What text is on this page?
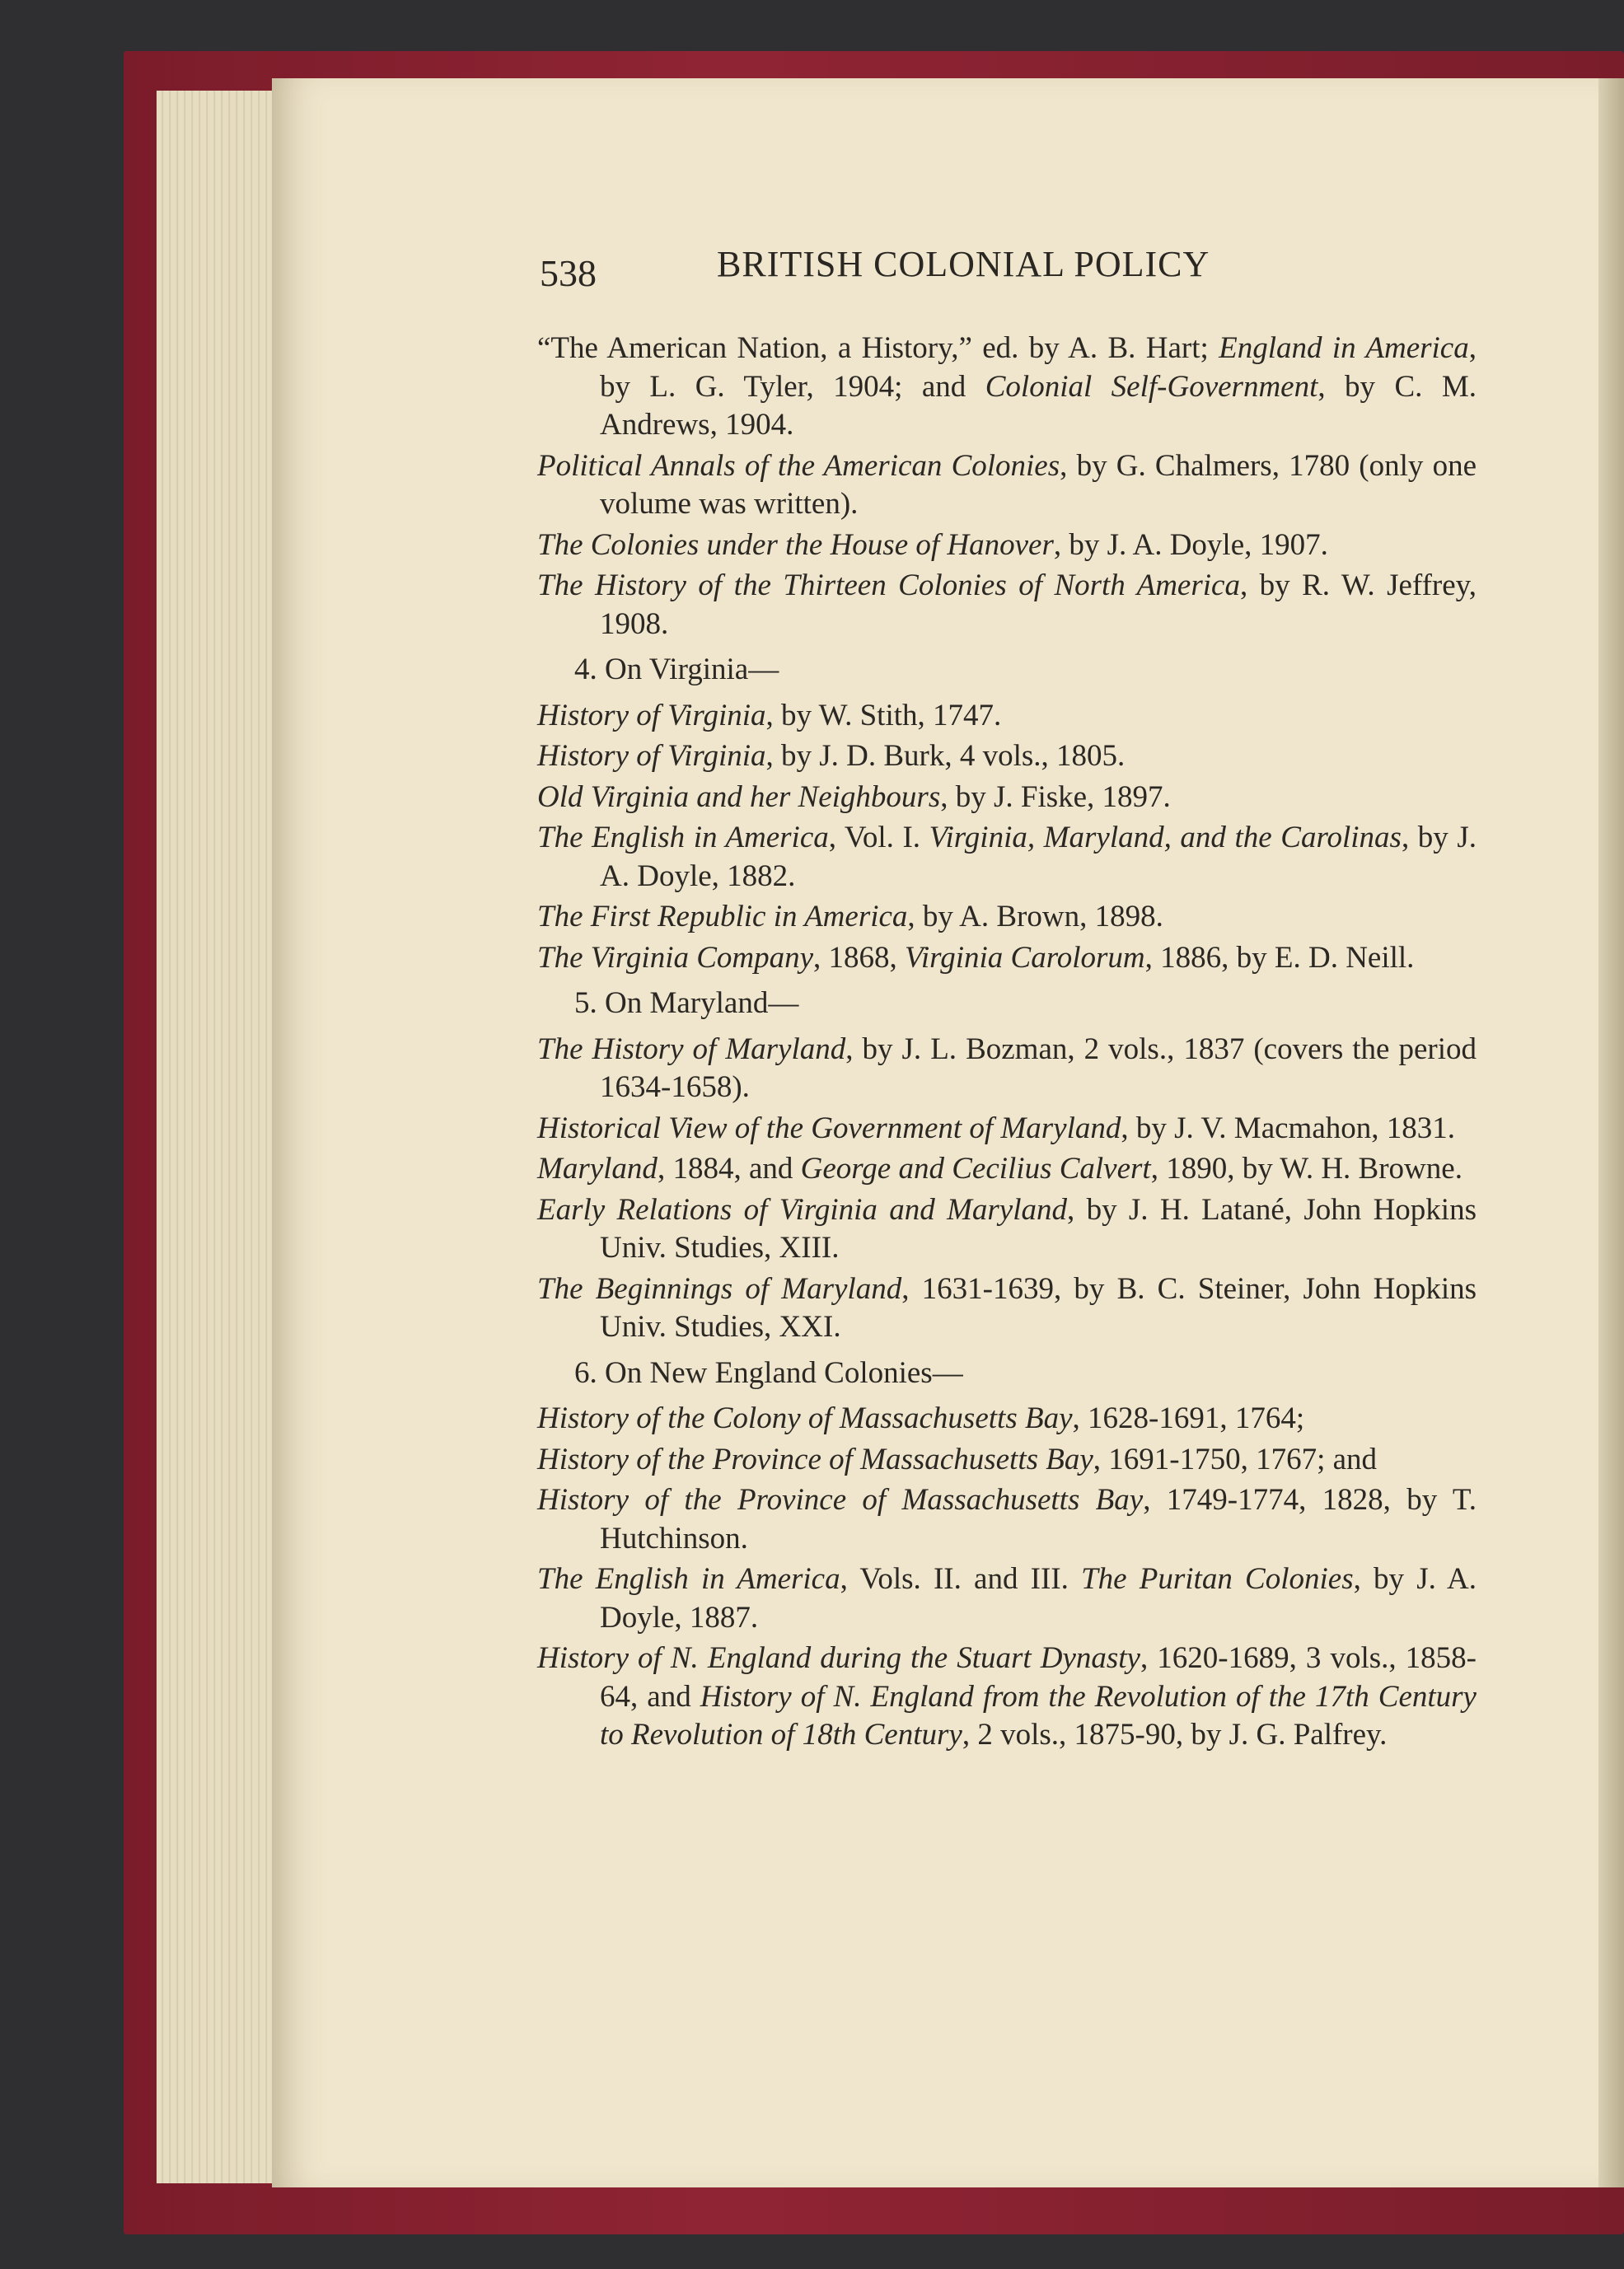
538	BRITISH COLONIAL POLICY

“The American Nation, a History,” ed. by A. B. Hart; England in America, by L. G. Tyler, 1904; and Colonial Self-Government, by C. M. Andrews, 1904.

Political Annals of the American Colonies, by G. Chalmers, 1780 (only one volume was written).

The Colonies under the House of Hanover, by J. A. Doyle, 1907.

The History of the Thirteen Colonies of North America, by R. W. Jeffrey, 1908.

4. On Virginia—

History of Virginia, by W. Stith, 1747.

History of Virginia, by J. D. Burk, 4 vols., 1805.

Old Virginia and her Neighbours, by J. Fiske, 1897.

The English in America, Vol. I. Virginia, Maryland, and the Carolinas, by J. A. Doyle, 1882.

The First Republic in America, by A. Brown, 1898.

The Virginia Company, 1868, Virginia Carolorum, 1886, by E. D. Neill.

5. On Maryland—

The History of Maryland, by J. L. Bozman, 2 vols., 1837 (covers the period 1634-1658).

Historical View of the Government of Maryland, by J. V. Macmahon, 1831.

Maryland, 1884, and George and Cecilius Calvert, 1890, by W. H. Browne.

Early Relations of Virginia and Maryland, by J. H. Latané, John Hopkins Univ. Studies, XIII.

The Beginnings of Maryland, 1631-1639, by B. C. Steiner, John Hopkins Univ. Studies, XXI.

6. On New England Colonies—

History of the Colony of Massachusetts Bay, 1628-1691, 1764;

History of the Province of Massachusetts Bay, 1691-1750, 1767; and

History of the Province of Massachusetts Bay, 1749-1774, 1828, by T. Hutchinson.

The English in America, Vols. II. and III. The Puritan Colonies, by J. A. Doyle, 1887.

History of N. England during the Stuart Dynasty, 1620-1689, 3 vols., 1858-64, and History of N. England from the Revolution of the 17th Century to Revolution of 18th Century, 2 vols., 1875-90, by J. G. Palfrey.
